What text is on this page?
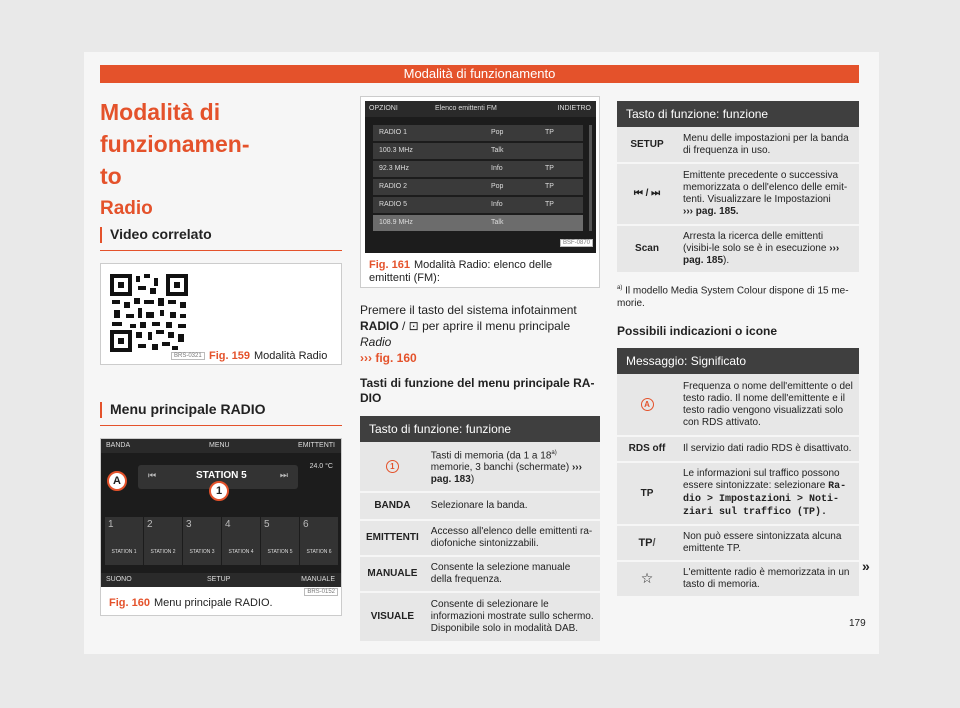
Modalità di funzionamento
Modalità di funzionamen-
to
Radio
Video correlato
BRS-0321 Fig. 159 Modalità Radio
Menu principale RADIO
BANDA	MENU	EMITTENTI
⏮	STATION 5	⏭
24.0 °C
A
1
1
STATION 1
2
STATION 2
3
STATION 3
4
STATION 4
5
STATION 5
6
STATION 6
SUONO	SETUP	MANUALE
BRS-0152
Fig. 160 Menu principale RADIO.
OPZIONI	Elenco emittenti FM	INDIETRO
RADIO 1	Pop	TP
100.3 MHz	Talk
92.3 MHz	Info	TP
RADIO 2	Pop	TP
RADIO 5	Info	TP
108.9 MHz	Talk
BSF-0870
Fig. 161 Modalità Radio: elenco delle emittenti (FM):
Premere il tasto del sistema infotainment
RADIO / ⊡ per aprire il menu principale Radio
››› fig. 160
Tasti di funzione del menu principale RA-DIO
Tasto di funzione: funzione	
1	Tasti di memoria (da 1 a 18$^{a)}$ memorie, 3 banchi (schermate) ››› pag. 183)
BANDA	Selezionare la banda.
EMITTENTI	Accesso all'elenco delle emittenti ra-diofoniche sintonizzabili.
MANUALE	Consente la selezione manuale della frequenza.
VISUALE	Consente di selezionare le informazioni mostrate sullo schermo. Disponibile solo in modalità DAB.
Tasto di funzione: funzione	
SETUP	Menu delle impostazioni per la banda di frequenza in uso.
⏮ / ⏭	Emittente precedente o successiva memorizzata o dell'elenco delle emit-tenti. Visualizzare le Impostazioni
››› pag. 185.
Scan	Arresta la ricerca delle emittenti (visibi-le solo se è in esecuzione ››› pag. 185).
$^{a)}$ Il modello Media System Colour dispone di 15 me-morie.
Possibili indicazioni o icone
Messaggio: Significato	
A	Frequenza o nome dell'emittente o del testo radio. Il nome dell'emittente e il testo radio vengono visualizzati solo con RDS attivato.
RDS off	Il servizio dati radio RDS è disattivato.
TP	Le informazioni sul traffico possono essere sintonizzate: selezionare Ra-dio > Impostazioni > Noti-ziari sul traffico (TP).
TP/	Non può essere sintonizzata alcuna emittente TP.
☆	L'emittente radio è memorizzata in un tasto di memoria.
»
179
